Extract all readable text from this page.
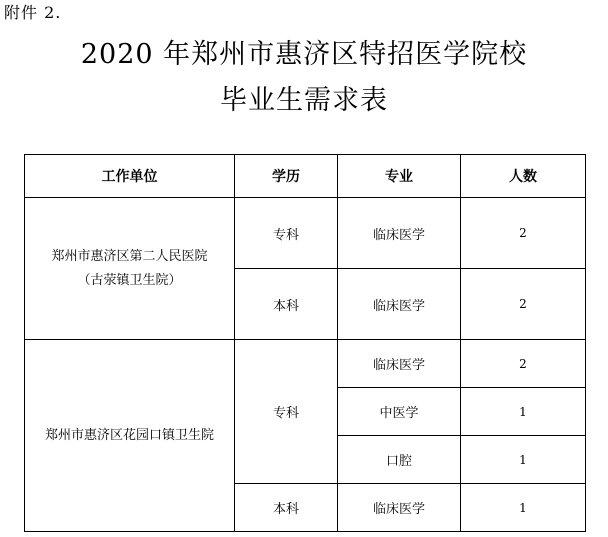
附件 2.
2020 年郑州市惠济区特招医学院校
毕业生需求表
工作单位	学历	专业	人数

郑州市惠济区第二人民医院
（古荥镇卫生院）	专科	临床医学	2
	本科	临床医学	2

郑州市惠济区花园口镇卫生院	专科	临床医学	2
		中医学	1
		口腔	1
	本科	临床医学	1
